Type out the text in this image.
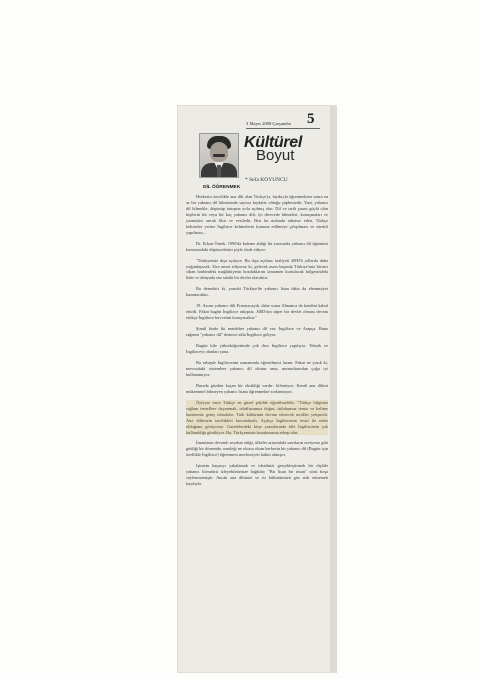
3 Mayıs 2000 Çarşamba 5
Kültürel
Boyut
* Sefa KOYUNCU
DİL ÖĞRENMEK

Herkesin öncelikle ana dili olan Türkçe'yi, layıkıyla öğrenmekten sonra en az bir yabancı dil bilmesinde sayısız faydalar olduğu şüphesizdir. Yani, yabancı dil bilmekle, düşünüp tartışma yolu açılmış olur. Dil ve tarih şuuru güçlü olan kişilerin bir veya bir kaç yabancı dili, iyi derecede bilmeleri, konuşmaları ve yazmaları ancak fikir ve vesiledir. Bizi bu noktada rahatsız eden, Türkçe kelimeler yerine İngilizce kelimelerin kuruma edilmeye çalışılması ve sürekli yapılması...

Dr. Erkan Örnek, 1990'da kaleme aldığı bir yazısında yabancı dil öğrenimi konusundaki düşüncelerini şöyle ifade ediyor:

"Türkiyemiz dışa açılıyor. Bu dışa açılma; faaliyeti 2000'li yıllarda daha yoğunlaşacak. Zira umut ediyoruz ki, gelecek asrın başında Türkiye'miz birinci cihan harbindeki mağlubiyetin bozduklarını tamamen kurtulacak bölgesindeki lider ve dünyada söz sahibi bir devlet olacaktır.

Bu demektir ki, yarınki Türkiye'de yabancı lisan daha da ehemmiyet kazanacaktır.

19. Asırın yabancı dili Fransızcaydı, daha sonra Almanca da kendini kabul ettirdi. Fakat bugün İngilizce rakipsiz. ABD'nin süper bir devlet olması devam ettikçe İngilizce kuvvetini koruyacaktır."

Şimdi bizde iki mutebber yabancı dil var: İngilizce ve Arapça. Buna rağmen "yabancı dil" denince akla İngilizce geliyor.

Bugün bile yükseköğretimde çok ders İngilizce yapılıyor. Teknik ve İngilizceyi olanları yana.

Bu sebeple İngilizcenin zamanında öğrenilmesi lazım. Fakat ne yazık ki, mevcuttaki sistemlere yabancı dil okutur ama, mezunlarından çoğu iyi kullanamıyor.

Burada gözden kaçan bir eksikliği vardır: bilemiyor; Kendi ana dilimi mükemmel bilmeyen yabancı lisanı öğrenmekte zorlanmıyor.

Öyleyse önce Türkçe en güzel şekilde öğretilmelidir. "Türkçe bilgimiz sağlam temellere dayanmalı, telaffuzumuz doğru, üslubumuz temiz ve kelime hazinemiz geniş olmalıdır. Türk kültürünü devam ettirecek nesiller yetişmeli. Ana dilimizin incelikleri kavratılmalı. Açıkça İngilizcenin tesiri ile neler olduğunu görüyoruz. Gazetelerdeki köşe yazarlarında bile İngilizcenin çok kullanıldığı görülüyor. Bu, Türkçemizin bozulmasına sebep olur.

İnsanların devamlı seyahat ettiği, ülkeler arasındaki sınırların seviyesiz gibi geldiği bir dönemde, mesleği ne olursa olsun herkesin bir yabancı dil (Bugün için özellikle İngilizce) öğrenmesi mecburiyeti halini almıştır.

İşinizin başarıyı yakalamak ve idealinizi gerçekleştirmek bir dişlide yabancı literatürü izleyebilmenize bağlıdır; "Bir lisan bir insan" sözü boşa söylenmemiştir. Ancak ana dilimizi ve öz kültürümüzü göz ardı etmemek kaydıyla.
